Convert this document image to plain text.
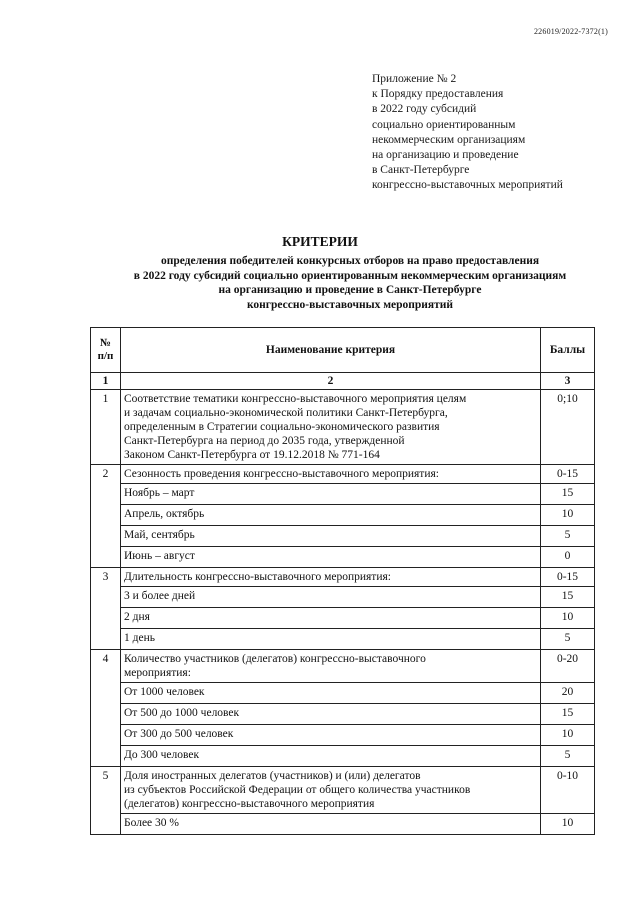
226019/2022-7372(1)
Приложение № 2
к Порядку предоставления
в 2022 году субсидий
социально ориентированным
некоммерческим организациям
на организацию и проведение
в Санкт-Петербурге
конгрессно-выставочных мероприятий
КРИТЕРИИ
определения победителей конкурсных отборов на право предоставления
в 2022 году субсидий социально ориентированным некоммерческим организациям
на организацию и проведение в Санкт-Петербурге
конгрессно-выставочных мероприятий
№
п/п	Наименование критерия	Баллы
1	2	3
1	Соответствие тематики конгрессно-выставочного мероприятия целям
и задачам социально-экономической политики Санкт-Петербурга,
определенным в Стратегии социально-экономического развития
Санкт-Петербурга на период до 2035 года, утвержденной
Законом Санкт-Петербурга от 19.12.2018 № 771-164	0;10
2	Сезонность проведения конгрессно-выставочного мероприятия:	0-15
	Ноябрь – март	15
	Апрель, октябрь	10
	Май, сентябрь	5
	Июнь – август	0
3	Длительность конгрессно-выставочного мероприятия:	0-15
	3 и более дней	15
	2 дня	10
	1 день	5
4	Количество участников (делегатов) конгрессно-выставочного
мероприятия:	0-20
	От 1000 человек	20
	От 500 до 1000 человек	15
	От 300 до 500 человек	10
	До 300 человек	5
5	Доля иностранных делегатов (участников) и (или) делегатов
из субъектов Российской Федерации от общего количества участников
(делегатов) конгрессно-выставочного мероприятия	0-10
	Более 30 %	10
